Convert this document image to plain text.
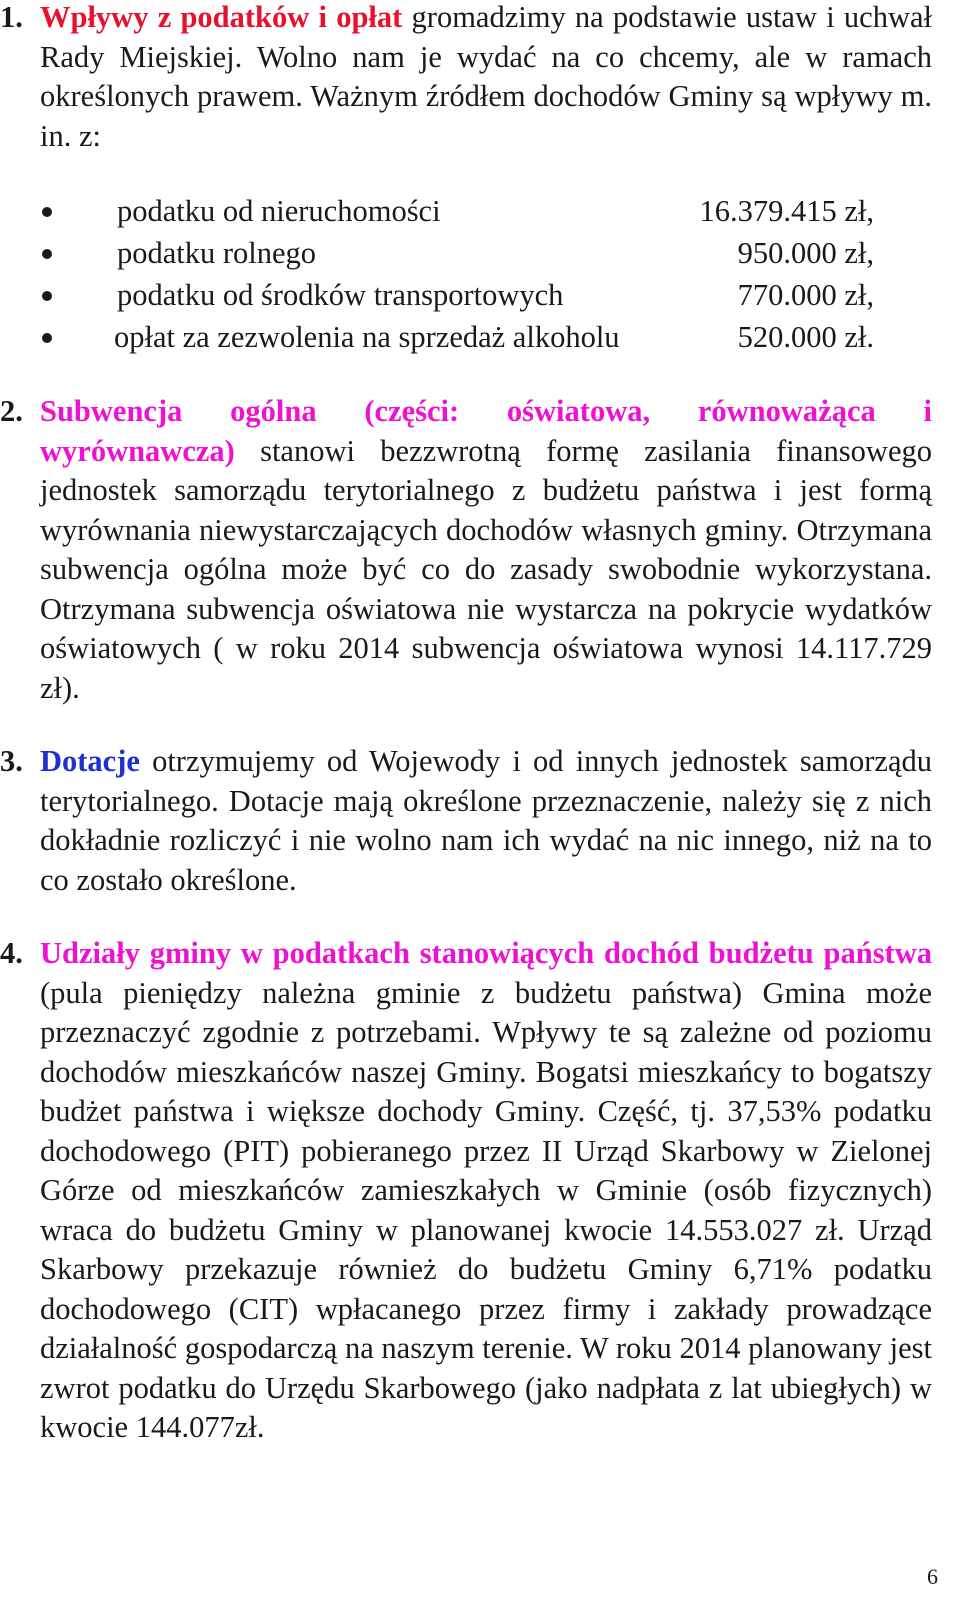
1. Wpływy z podatków i opłat gromadzimy na podstawie ustaw i uchwał Rady Miejskiej. Wolno nam je wydać na co chcemy, ale w ramach określonych prawem. Ważnym źródłem dochodów Gminy są wpływy m. in. z:

podatku od nieruchomości	16.379.415 zł,
podatku rolnego	950.000 zł,
podatku od środków transportowych	770.000 zł,
opłat za zezwolenia na sprzedaż alkoholu	520.000 zł.
2. Subwencja ogólna (części: oświatowa, równoważąca i wyrównawcza) stanowi bezzwrotną formę zasilania finansowego jednostek samorządu terytorialnego z budżetu państwa i jest formą wyrównania niewystarczających dochodów własnych gminy. Otrzymana subwencja ogólna może być co do zasady swobodnie wykorzystana. Otrzymana subwencja oświatowa nie wystarcza na pokrycie wydatków oświatowych ( w roku 2014 subwencja oświatowa wynosi 14.117.729 zł).

3. Dotacje otrzymujemy od Wojewody i od innych jednostek samorządu terytorialnego. Dotacje mają określone przeznaczenie, należy się z nich dokładnie rozliczyć i nie wolno nam ich wydać na nic innego, niż na to co zostało określone.

4. Udziały gminy w podatkach stanowiących dochód budżetu państwa (pula pieniędzy należna gminie z budżetu państwa) Gmina może przeznaczyć zgodnie z potrzebami. Wpływy te są zależne od poziomu dochodów mieszkańców naszej Gminy. Bogatsi mieszkańcy to bogatszy budżet państwa i większe dochody Gminy. Część, tj. 37,53% podatku dochodowego (PIT) pobieranego przez II Urząd Skarbowy w Zielonej Górze od mieszkańców zamieszkałych w Gminie (osób fizycznych) wraca do budżetu Gminy w planowanej kwocie 14.553.027 zł. Urząd Skarbowy przekazuje również do budżetu Gminy 6,71% podatku dochodowego (CIT) wpłacanego przez firmy i zakłady prowadzące działalność gospodarczą na naszym terenie. W roku 2014 planowany jest zwrot podatku do Urzędu Skarbowego (jako nadpłata z lat ubiegłych) w kwocie 144.077zł.

6
